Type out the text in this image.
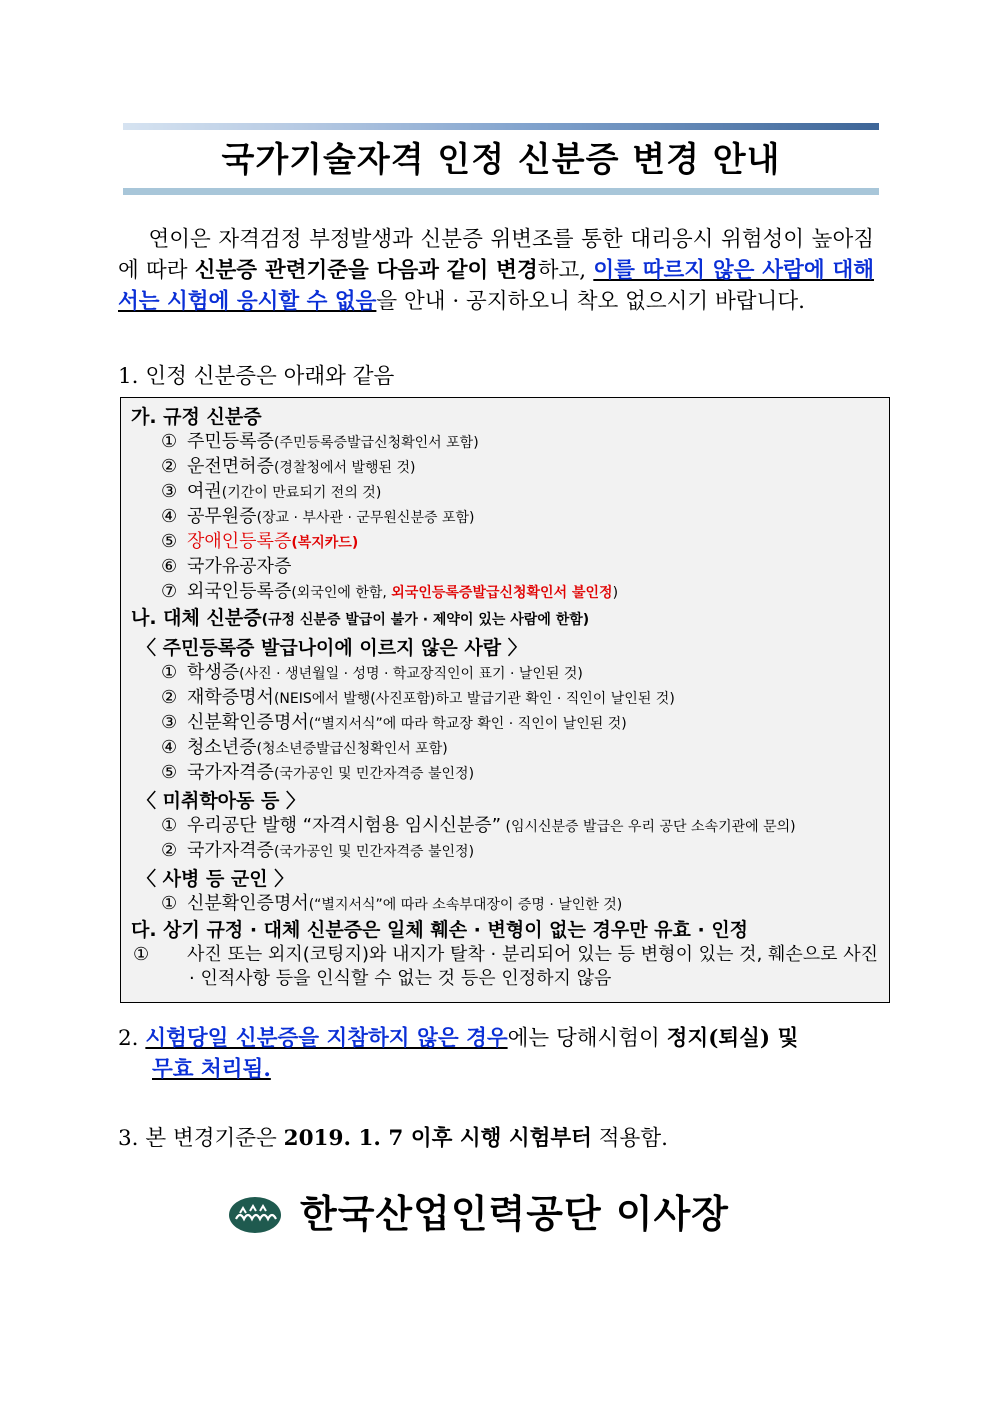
국가기술자격 인정 신분증 변경 안내

연이은 자격검정 부정발생과 신분증 위변조를 통한 대리응시 위험성이 높아짐에 따라 신분증 관련기준을 다음과 같이 변경하고, 이를 따르지 않은 사람에 대해서는 시험에 응시할 수 없음을 안내 · 공지하오니 착오 없으시기 바랍니다.

1. 인정 신분증은 아래와 같음

가. 규정 신분증

① 주민등록증(주민등록증발급신청확인서 포함)

② 운전면허증(경찰청에서 발행된 것)

③ 여권(기간이 만료되기 전의 것)

④ 공무원증(장교 · 부사관 · 군무원신분증 포함)

⑤ 장애인등록증(복지카드)

⑥ 국가유공자증

⑦ 외국인등록증(외국인에 한함, 외국인등록증발급신청확인서 불인정)

나. 대체 신분증(규정 신분증 발급이 불가 · 제약이 있는 사람에 한함)

〈 주민등록증 발급나이에 이르지 않은 사람 〉

① 학생증(사진 · 생년월일 · 성명 · 학교장직인이 표기 · 날인된 것)

② 재학증명서(NEIS에서 발행(사진포함)하고 발급기관 확인 · 직인이 날인된 것)

③ 신분확인증명서(“별지서식”에 따라 학교장 확인 · 직인이 날인된 것)

④ 청소년증(청소년증발급신청확인서 포함)

⑤ 국가자격증(국가공인 및 민간자격증 불인정)

〈 미취학아동 등 〉

① 우리공단 발행 “자격시험용 임시신분증” (임시신분증 발급은 우리 공단 소속기관에 문의)

② 국가자격증(국가공인 및 민간자격증 불인정)

〈 사병 등 군인 〉

① 신분확인증명서(“별지서식”에 따라 소속부대장이 증명 · 날인한 것)

다. 상기 규정 · 대체 신분증은 일체 훼손 · 변형이 없는 경우만 유효 · 인정

① 사진 또는 외지(코팅지)와 내지가 탈착 · 분리되어 있는 등 변형이 있는 것, 훼손으로 사진 · 인적사항 등을 인식할 수 없는 것 등은 인정하지 않음

2. 시험당일 신분증을 지참하지 않은 경우에는 당해시험이 정지(퇴실) 및
무효 처리됨.
3. 본 변경기준은 2019. 1. 7 이후 시행 시험부터 적용함.
한국산업인력공단 이사장
